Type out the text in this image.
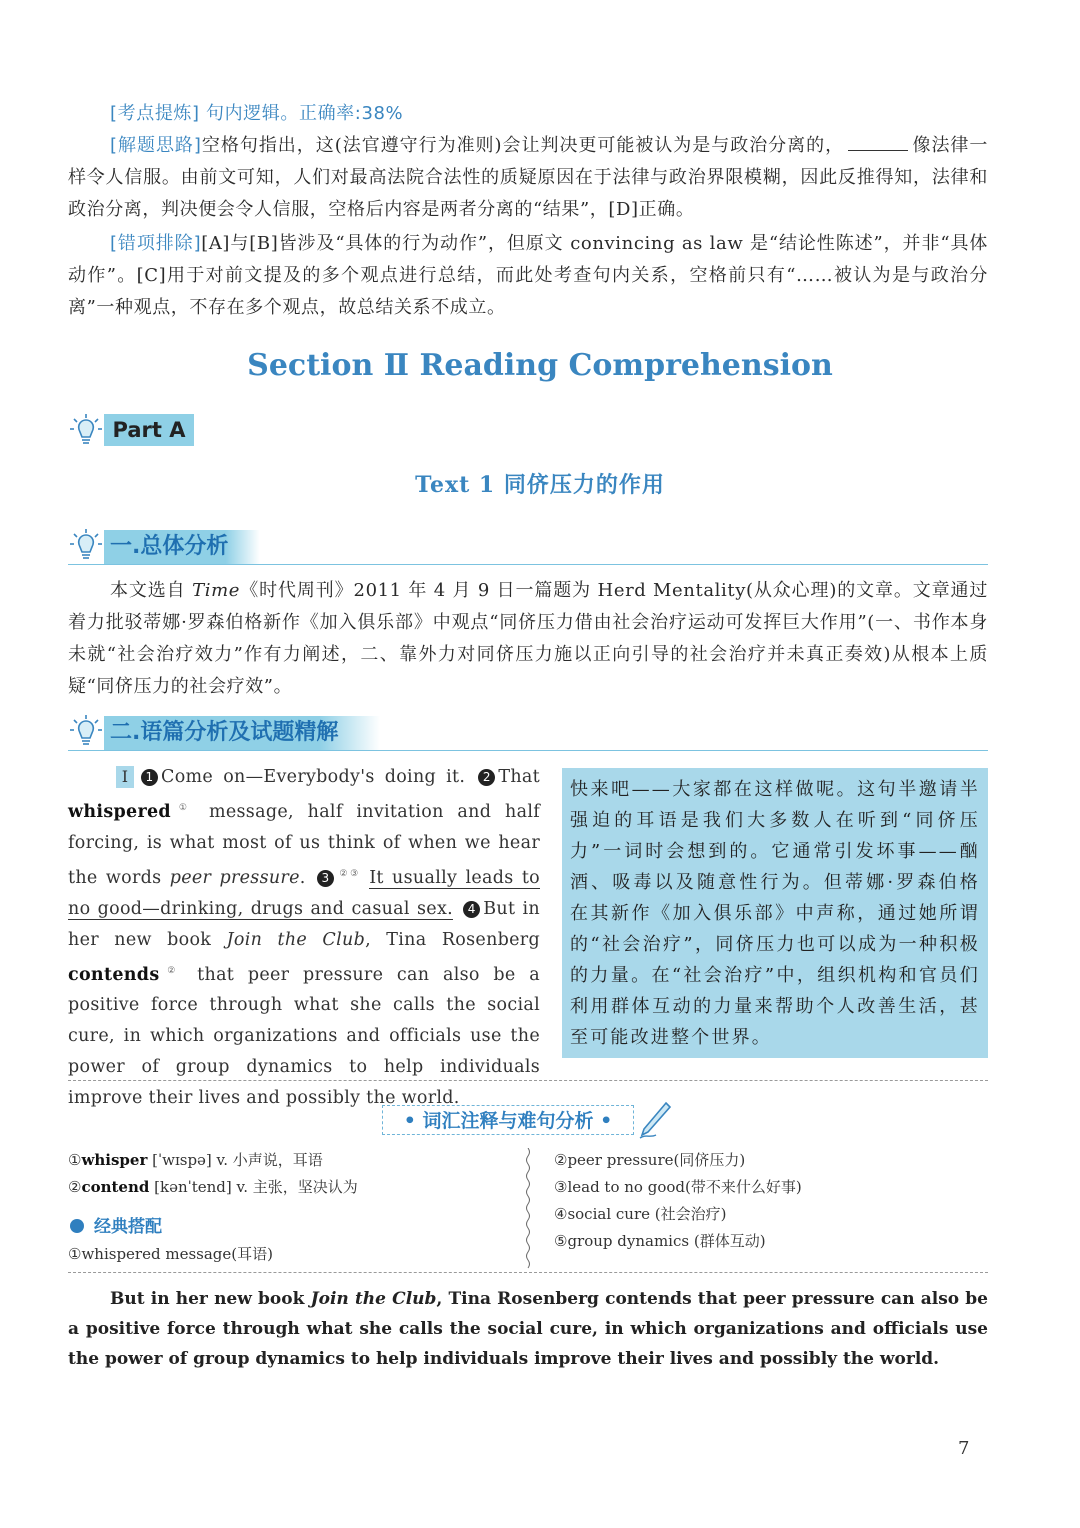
[考点提炼] 句内逻辑。正确率:38%
[解题思路]空格句指出，这(法官遵守行为准则)会让判决更可能被认为是与政治分离的，	像法律一样令人信服。由前文可知，人们对最高法院合法性的质疑原因在于法律与政治界限模糊，因此反推得知，法律和政治分离，判决便会令人信服，空格后内容是两者分离的“结果”，[D]正确。
[错项排除][A]与[B]皆涉及“具体的行为动作”，但原文 convincing as law 是“结论性陈述”，并非“具体动作”。[C]用于对前文提及的多个观点进行总结，而此处考查句内关系，空格前只有“……被认为是与政治分离”一种观点，不存在多个观点，故总结关系不成立。
Section Ⅱ Reading Comprehension
Part A
Text 1 同侪压力的作用
一.总体分析
本文选自 Time《时代周刊》2011 年 4 月 9 日一篇题为 Herd Mentality(从众心理)的文章。文章通过着力批驳蒂娜·罗森伯格新作《加入俱乐部》中观点“同侪压力借由社会治疗运动可发挥巨大作用”(一、书作本身未就“社会治疗效力”作有力阐述，二、靠外力对同侪压力施以正向引导的社会治疗并未真正奏效)从根本上质疑“同侪压力的社会疗效”。
二.语篇分析及试题精解
Ⅰ 1 Come on—Everybody's doing it. 2 That whispered① message, half invitation and half forcing, is what most of us think of when we hear the words peer pressure. 3 ②③ It usually leads to no good—drinking, drugs and casual sex. 4 But in her new book Join the Club, Tina Rosenberg contends② that peer pressure can also be a positive force through what she calls the social cure, in which organizations and officials use the power of group dynamics to help individuals improve their lives and possibly the world.
快来吧——大家都在这样做呢。这句半邀请半强迫的耳语是我们大多数人在听到“同侪压力”一词时会想到的。它通常引发坏事——酗酒、吸毒以及随意性行为。但蒂娜·罗森伯格在其新作《加入俱乐部》中声称，通过她所谓的“社会治疗”，同侪压力也可以成为一种积极的力量。在“社会治疗”中，组织机构和官员们利用群体互动的力量来帮助个人改善生活，甚至可能改进整个世界。
• 词汇注释与难句分析 •
①whisper [ˈwɪspə] v. 小声说，耳语
②contend [kənˈtend] v. 主张，坚决认为
经典搭配
①whispered message(耳语)
②peer pressure(同侪压力)
③lead to no good(带不来什么好事)
④social cure (社会治疗)
⑤group dynamics (群体互动)
But in her new book Join the Club, Tina Rosenberg contends that peer pressure can also be a positive force through what she calls the social cure, in which organizations and officials use the power of group dynamics to help individuals improve their lives and possibly the world.
7
